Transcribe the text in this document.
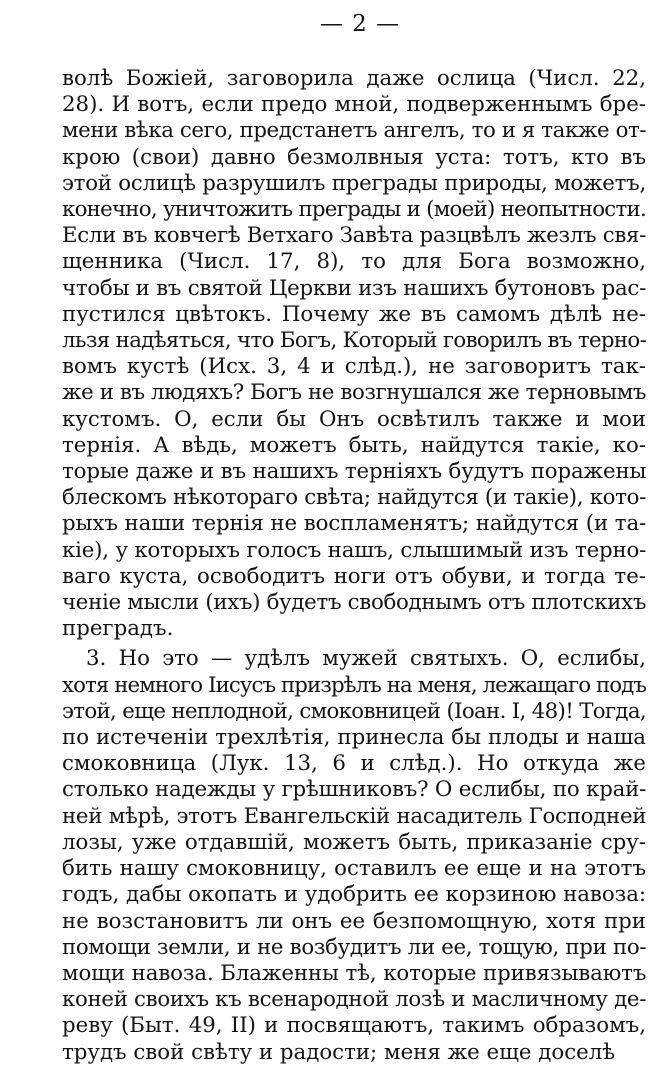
— 2 —
волѣ Божіей, заговорила даже ослица (Числ. 22,
28). И вотъ, если предо мной, подверженнымъ бре-
мени вѣка сего, предстанетъ ангелъ, то и я также от-
крою (свои) давно безмолвныя уста: тотъ, кто въ
этой ослицѣ разрушилъ преграды природы, можетъ,
конечно, уничтожить преграды и (моей) неопытности.
Если въ ковчегѣ Ветхаго Завѣта разцвѣлъ жезлъ свя-
щенника (Числ. 17, 8), то для Бога возможно,
чтобы и въ святой Церкви изъ нашихъ бутоновъ рас-
пустился цвѣтокъ. Почему же въ самомъ дѣлѣ не-
льзя надѣяться, что Богъ, Который говорилъ въ терно-
вомъ кустѣ (Исх. 3, 4 и слѣд.), не заговоритъ так-
же и въ людяхъ? Богъ не возгнушался же терновымъ
кустомъ. О, если бы Онъ освѣтилъ также и мои
тернія. А вѣдь, можетъ быть, найдутся такіе, ко-
торые даже и въ нашихъ терніяхъ будутъ поражены
блескомъ нѣкотораго свѣта; найдутся (и такіе), кото-
рыхъ наши тернія не воспламенятъ; найдутся (и та-
кіе), у которыхъ голосъ нашъ, слышимый изъ терно-
ваго куста, освободитъ ноги отъ обуви, и тогда те-
ченіе мысли (ихъ) будетъ свободнымъ отъ плотскихъ
преградъ.
3. Но это — удѣлъ мужей святыхъ. О, еслибы,
хотя немного Іисусъ призрѣлъ на меня, лежащаго подъ
этой, еще неплодной, смоковницей (Іоан. І, 48)! Тогда,
по истеченіи трехлѣтія, принесла бы плоды и наша
смоковница (Лук. 13, 6 и слѣд.). Но откуда же
столько надежды у грѣшниковъ? О еслибы, по край-
ней мѣрѣ, этотъ Евангельскій насадитель Господней
лозы, уже отдавшій, можетъ быть, приказаніе сру-
бить нашу смоковницу, оставилъ ее еще и на этотъ
годъ, дабы окопать и удобрить ее корзиною навоза:
не возстановитъ ли онъ ее безпомощную, хотя при
помощи земли, и не возбудитъ ли ее, тощую, при по-
мощи навоза. Блаженны тѣ, которые привязываютъ
коней своихъ къ всенародной лозѣ и масличному де-
реву (Быт. 49, ІІ) и посвящаютъ, такимъ образомъ,
трудъ свой свѣту и радости; меня же еще доселѣ
